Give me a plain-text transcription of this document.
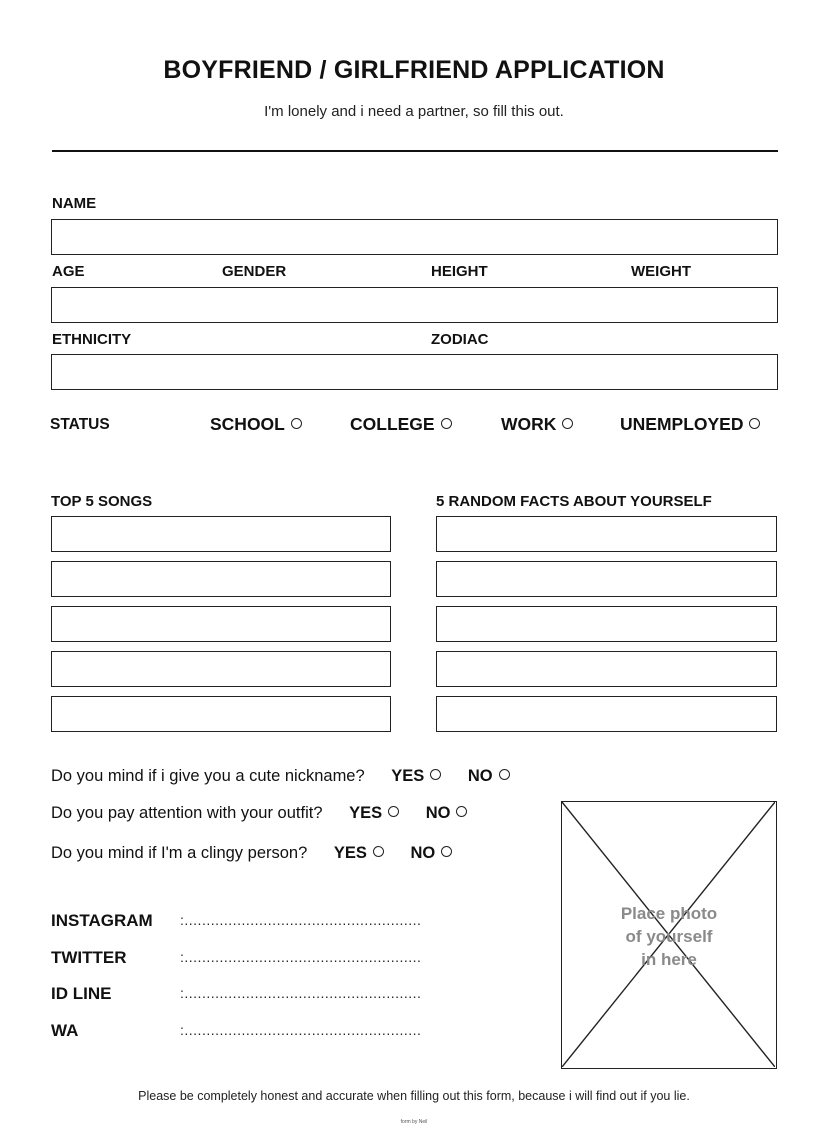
BOYFRIEND / GIRLFRIEND APPLICATION
I'm lonely and i need a partner, so fill this out.
NAME
AGE	GENDER	HEIGHT	WEIGHT
ETHNICITY	ZODIAC
STATUS	SCHOOL	COLLEGE	WORK	UNEMPLOYED
TOP 5 SONGS	5 RANDOM FACTS ABOUT YOURSELF
Do you mind if i give you a cute nickname? YES	NO
Do you pay attention with your outfit? YES	NO
Do you mind if I'm a clingy person? YES	NO
INSTAGRAM :......................................................
TWITTER	:......................................................
ID LINE	:......................................................
WA	:......................................................
Place photo
of yourself
in here
Please be completely honest and accurate when filling out this form, because i will find out if you lie.
form by Neil
